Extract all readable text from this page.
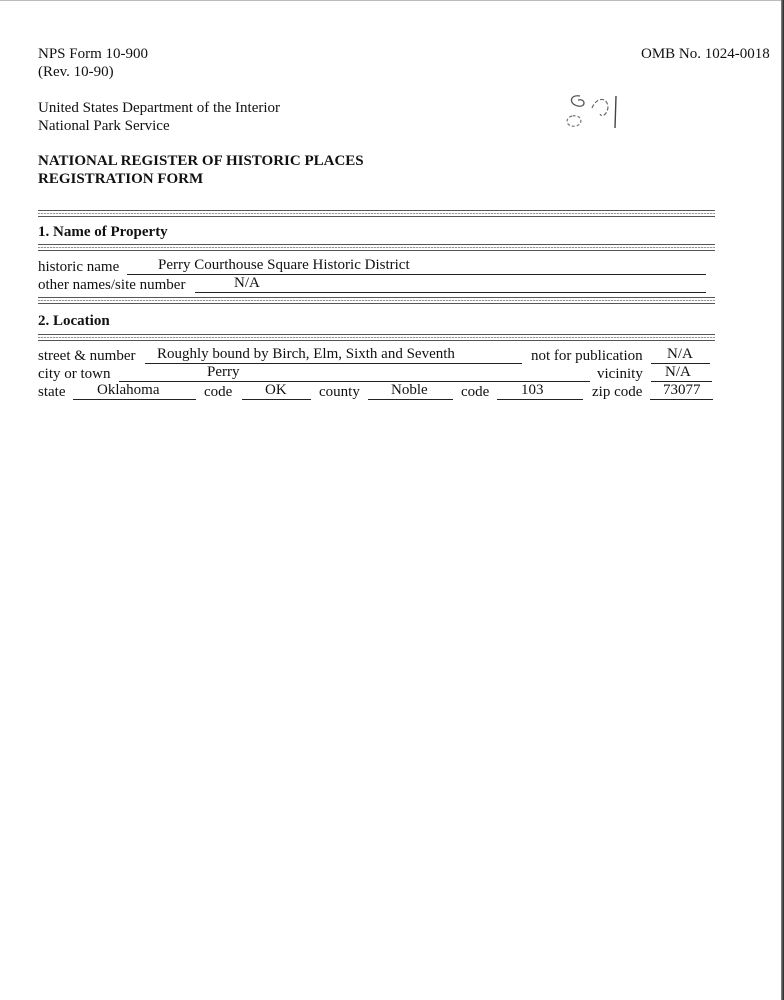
NPS Form 10-900
(Rev. 10-90)
OMB No. 1024-0018
United States Department of the Interior
National Park Service
NATIONAL REGISTER OF HISTORIC PLACES
REGISTRATION FORM
1. Name of Property
historic name	Perry Courthouse Square Historic District
other names/site number	N/A
2. Location
street & number Roughly bound by Birch, Elm, Sixth and Seventh	not for publication N/A
city or town	Perry	vicinity N/A
state Oklahoma	code OK county Noble code 103	zip code 73077
